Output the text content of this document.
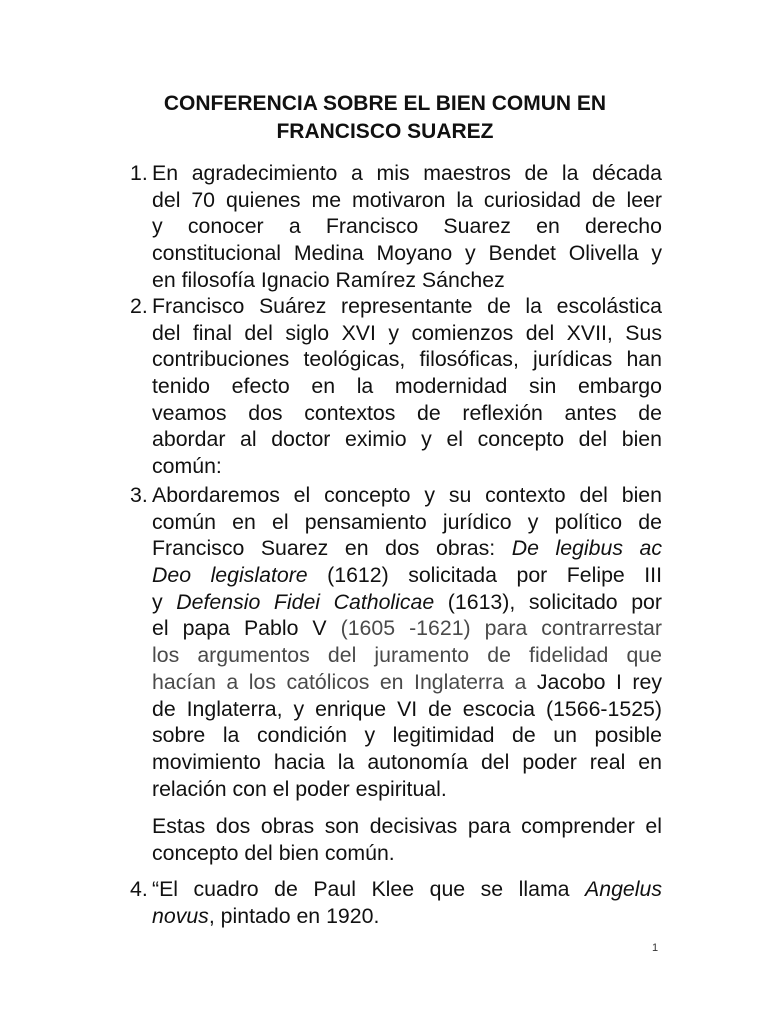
CONFERENCIA SOBRE EL BIEN COMUN EN
FRANCISCO SUAREZ
1. En agradecimiento a mis maestros de la década
del 70 quienes me motivaron la curiosidad de leer
y conocer a Francisco Suarez en derecho
constitucional Medina Moyano y Bendet Olivella y
en filosofía Ignacio Ramírez Sánchez
2. Francisco Suárez representante de la escolástica
del final del siglo XVI y comienzos del XVII, Sus
contribuciones teológicas, filosóficas, jurídicas han
tenido efecto en la modernidad sin embargo
veamos dos contextos de reflexión antes de
abordar al doctor eximio y el concepto del bien
común:
3. Abordaremos el concepto y su contexto del bien
común en el pensamiento jurídico y político de
Francisco Suarez en dos obras: De legibus ac
Deo legislatore (1612) solicitada por Felipe III
y Defensio Fidei Catholicae (1613), solicitado por
el papa Pablo V (1605 -1621) para contrarrestar
los argumentos del juramento de fidelidad que
hacían a los católicos en Inglaterra a Jacobo I rey
de Inglaterra, y enrique VI de escocia (1566-1525)
sobre la condición y legitimidad de un posible
movimiento hacia la autonomía del poder real en
relación con el poder espiritual.
Estas dos obras son decisivas para comprender el
concepto del bien común.
4. “El cuadro de Paul Klee que se llama Angelus
novus, pintado en 1920.
1
